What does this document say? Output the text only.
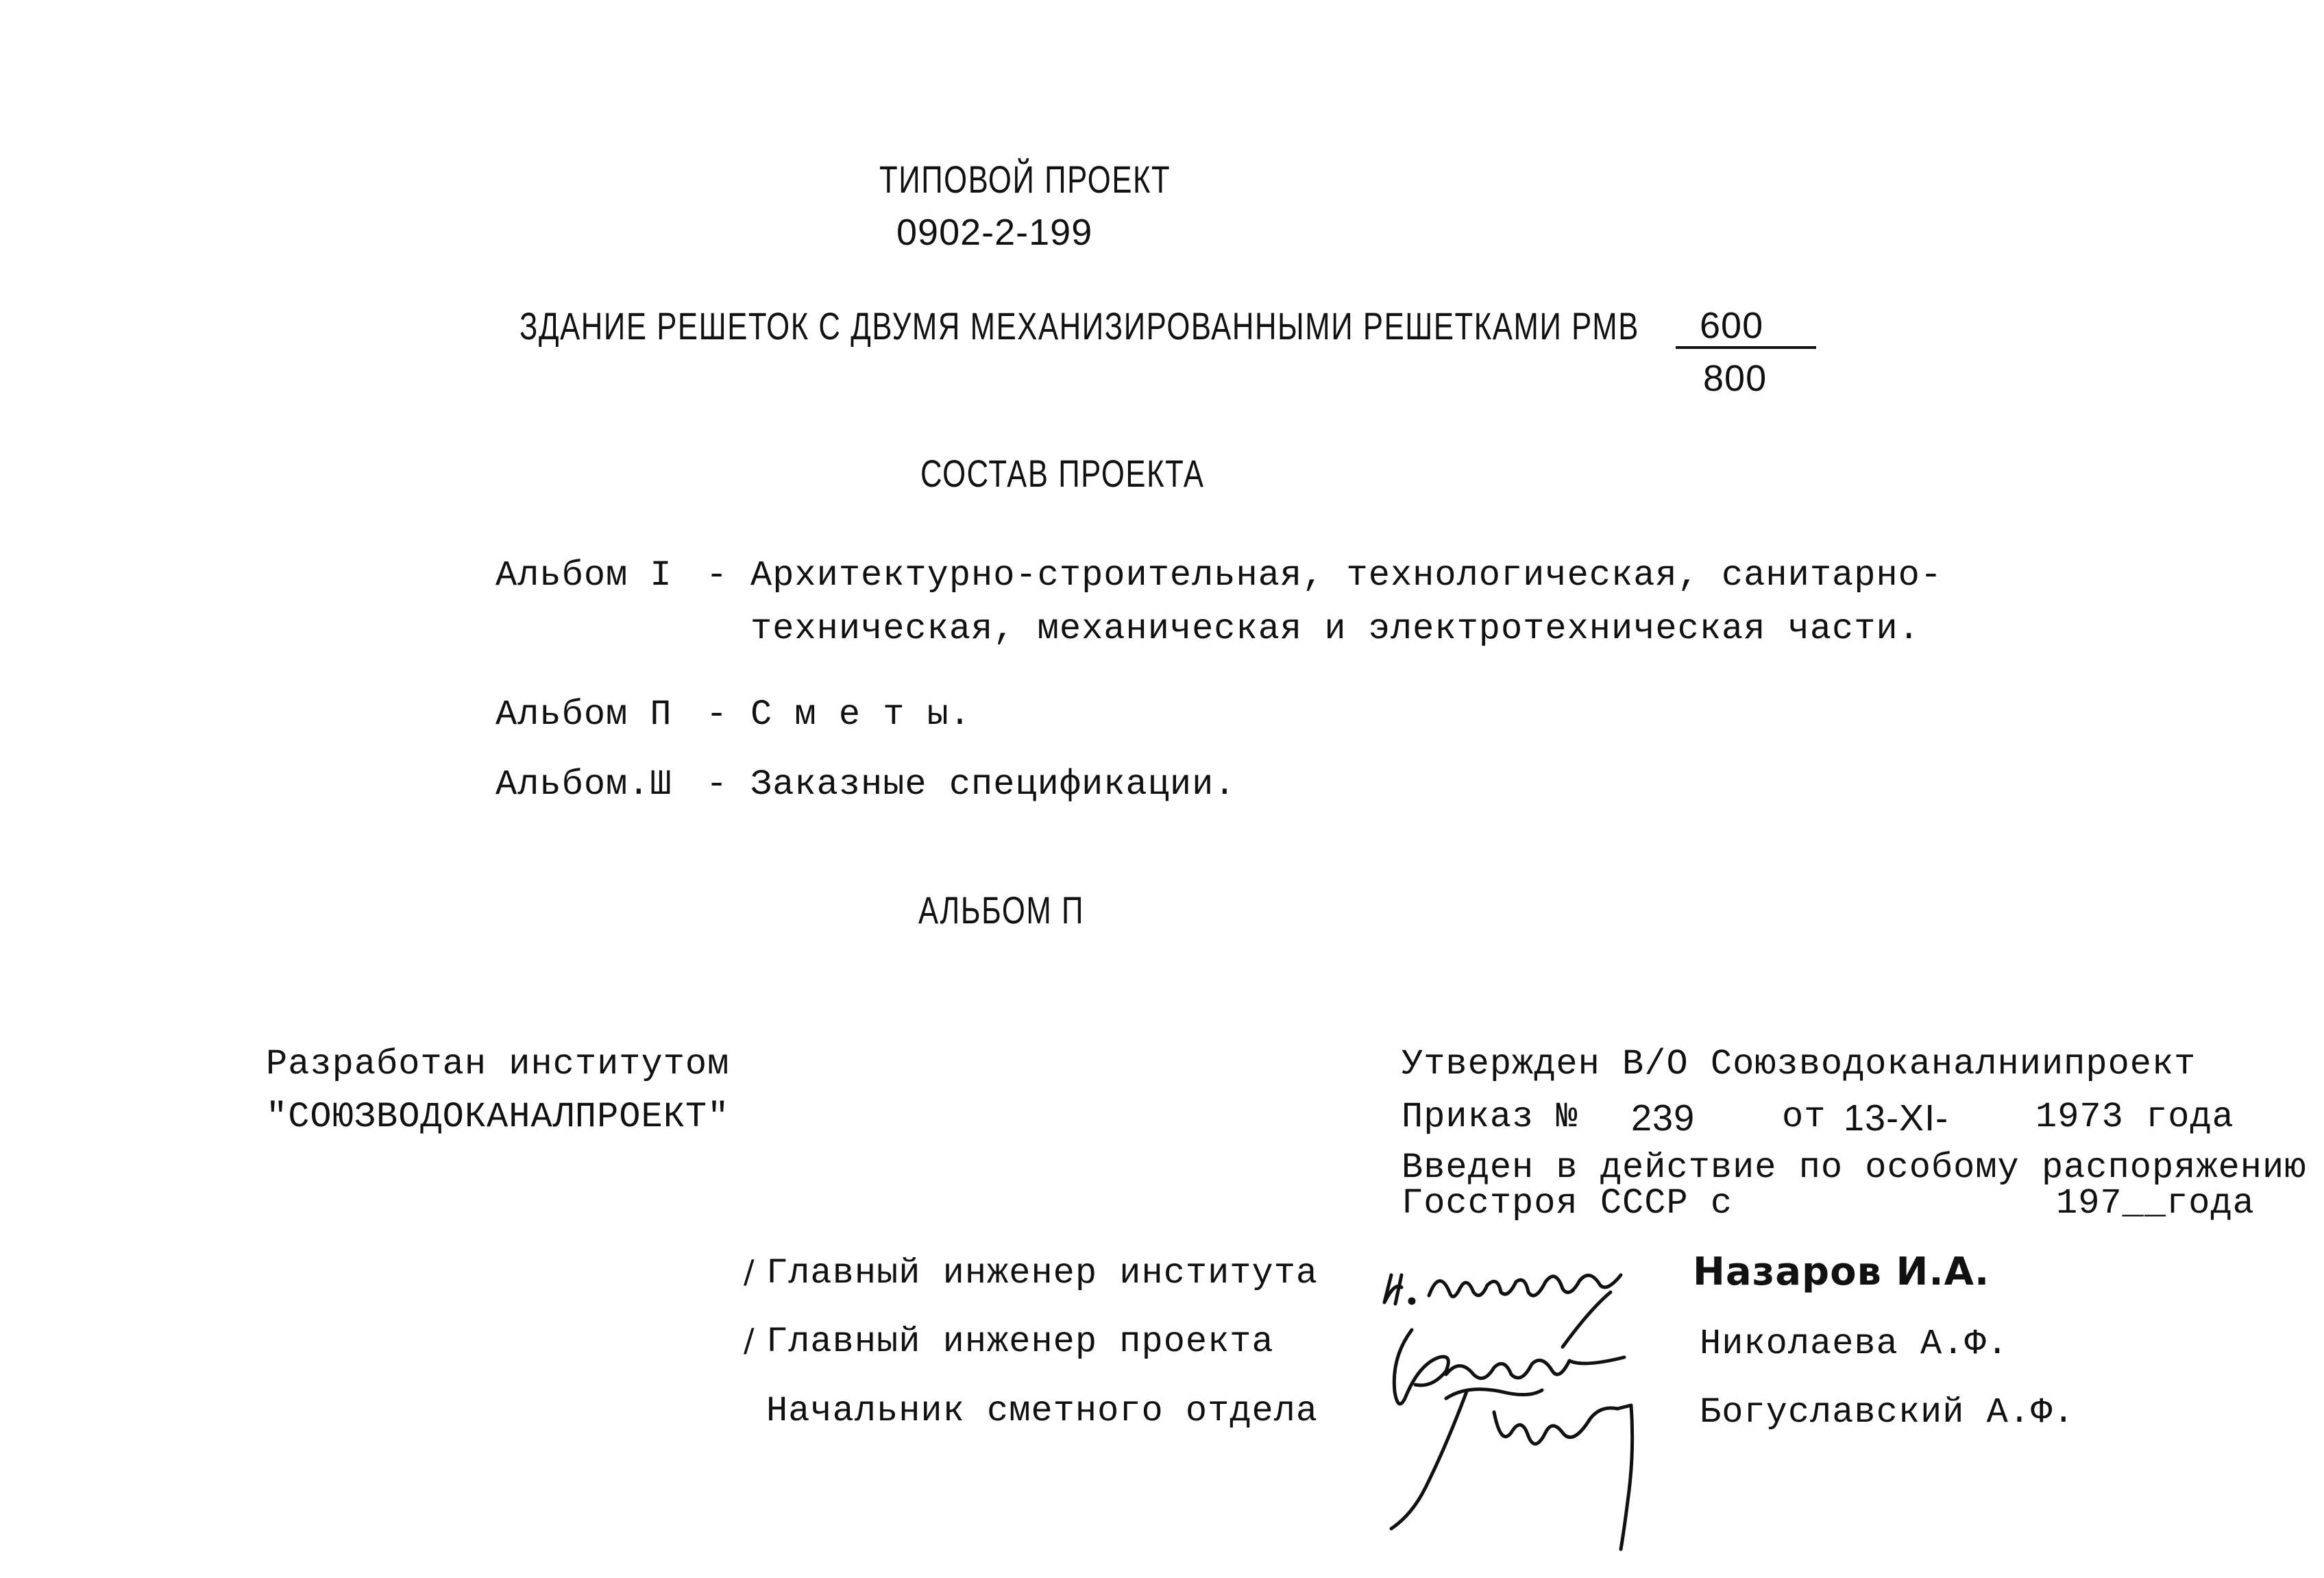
ТИПОВОЙ ПРОЕКТ
0902-2-199
ЗДАНИЕ РЕШЕТОК С ДВУМЯ МЕХАНИЗИРОВАННЫМИ РЕШЕТКАМИ РМВ 600
800
СОСТАВ ПРОЕКТА
Альбом I - Архитектурно-строительная, технологическая, санитарно-
техническая, механическая и электротехническая части.
Альбом П - С м е т ы.
Альбом.Ш - Заказные спецификации.
АЛЬБОМ П
Разработан институтом
"СОЮЗВОДОКАНАЛПРОЕКТ"
Утвержден В/О Союзводоканалниипроект
Приказ № 239 от 13-XI- 1973 года
Введен в действие по особому распоряжению
Госстроя СССР с	197__года
/ Главный инженер института
/ Главный инженер проекта
Начальник сметного отдела
Назаров И.А.
Николаева А.Ф.
Богуславский А.Ф.
